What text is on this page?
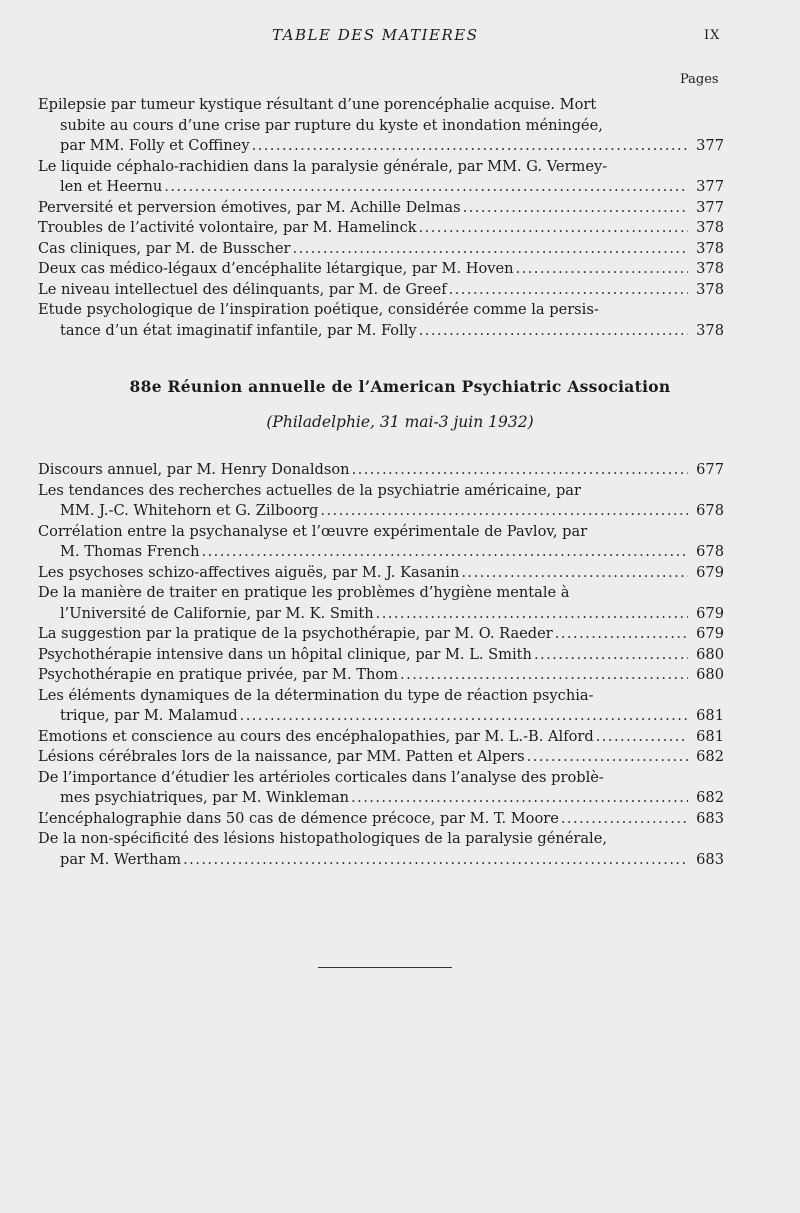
TABLE DES MATIERES	IX
Pages
Epilepsie par tumeur kystique résultant d’une porencéphalie acquise. Mort
subite au cours d’une crise par rupture du kyste et inondation méningée,
par MM. Folly et Coffiney . . .	377
Le liquide céphalo-rachidien dans la paralysie générale, par MM. G. Vermey-
len et Heernu . . .	377
Perversité et perversion émotives, par M. Achille Delmas . . .	377
Troubles de l’activité volontaire, par M. Hamelinck . . .	378
Cas cliniques, par M. de Busscher . . .	378
Deux cas médico-légaux d’encéphalite létargique, par M. Hoven . . .	378
Le niveau intellectuel des délinquants, par M. de Greef . . .	378
Etude psychologique de l’inspiration poétique, considérée comme la persis-
tance d’un état imaginatif infantile, par M. Folly . . .	378
88e Réunion annuelle de l’American Psychiatric Association
(Philadelphie, 31 mai-3 juin 1932)
Discours annuel, par M. Henry Donaldson . . .	677
Les tendances des recherches actuelles de la psychiatrie américaine, par
MM. J.-C. Whitehorn et G. Zilboorg . . .	678
Corrélation entre la psychanalyse et l’œuvre expérimentale de Pavlov, par
M. Thomas French . . .	678
Les psychoses schizo-affectives aiguës, par M. J. Kasanin . . .	679
De la manière de traiter en pratique les problèmes d’hygiène mentale à
l’Université de Californie, par M. K. Smith . . .	679
La suggestion par la pratique de la psychothérapie, par M. O. Raeder . . .	679
Psychothérapie intensive dans un hôpital clinique, par M. L. Smith . . .	680
Psychothérapie en pratique privée, par M. Thom . . .	680
Les éléments dynamiques de la détermination du type de réaction psychia-
trique, par M. Malamud . . .	681
Emotions et conscience au cours des encéphalopathies, par M. L.-B. Alford . . .	681
Lésions cérébrales lors de la naissance, par MM. Patten et Alpers . . .	682
De l’importance d’étudier les artérioles corticales dans l’analyse des problè-
mes psychiatriques, par M. Winkleman . . .	682
L’encéphalographie dans 50 cas de démence précoce, par M. T. Moore . . .	683
De la non-spécificité des lésions histopathologiques de la paralysie générale,
par M. Wertham . . .	683
